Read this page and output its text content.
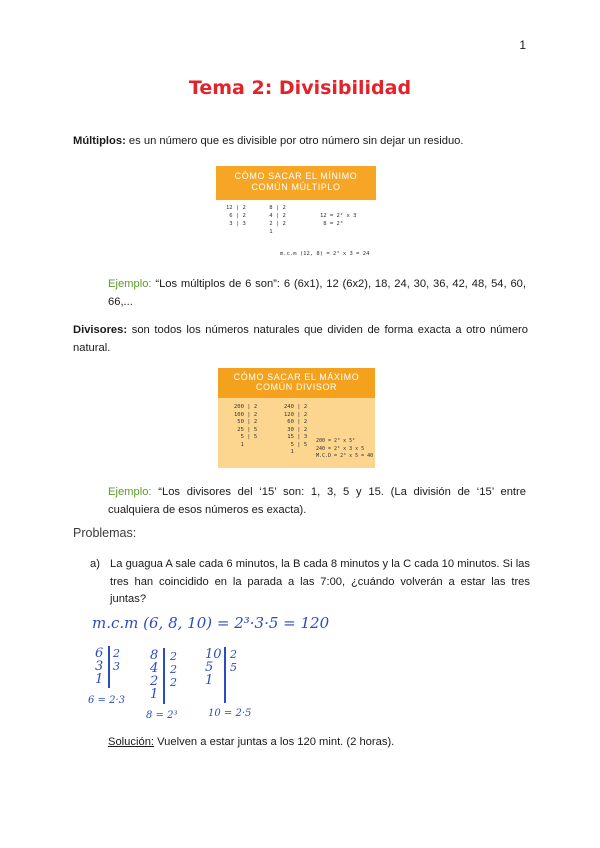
1
Tema 2: Divisibilidad
Múltiplos: es un número que es divisible por otro número sin dejar un residuo.
CÓMO SACAR EL MÍNIMO COMÚN MÚLTIPLO
12 | 2
6 | 2
3 | 3
8 | 2
4 | 2
2 | 2
1
12 = 2² x 3
8 = 2³
m.c.m (12, 8) = 2³ x 3 = 24
Ejemplo: “Los múltiplos de 6 son”: 6 (6x1), 12 (6x2), 18, 24, 30, 36, 42, 48, 54, 60, 66,...
Divisores: son todos los números naturales que dividen de forma exacta a otro número natural.
CÓMO SACAR EL MÁXIMO COMÚN DIVISOR
200 | 2
100 | 2
50 | 2
25 | 5
5 | 5
1
240 | 2
120 | 2
60 | 2
30 | 2
15 | 3
5 | 5
1
200 = 2³ x 5²
240 = 2⁴ x 3 x 5
M.C.D = 2³ x 5 = 40
Ejemplo: “Los divisores del ‘15’ son: 1, 3, 5 y 15. (La división de ‘15’ entre cualquiera de esos números es exacta).
Problemas:
a) La guagua A sale cada 6 minutos, la B cada 8 minutos y la C cada 10 minutos. Si las tres han coincidido en la parada a las 7:00, ¿cuándo volverán a estar las tres juntas?
m.c.m (6, 8, 10) = 2³·3·5 = 120
6
3
1
2
3
6 = 2·3
8
4
2
1
2
2
2
8 = 2³
10
5
1
2
5
10 = 2·5
Solución: Vuelven a estar juntas a los 120 mint. (2 horas).
